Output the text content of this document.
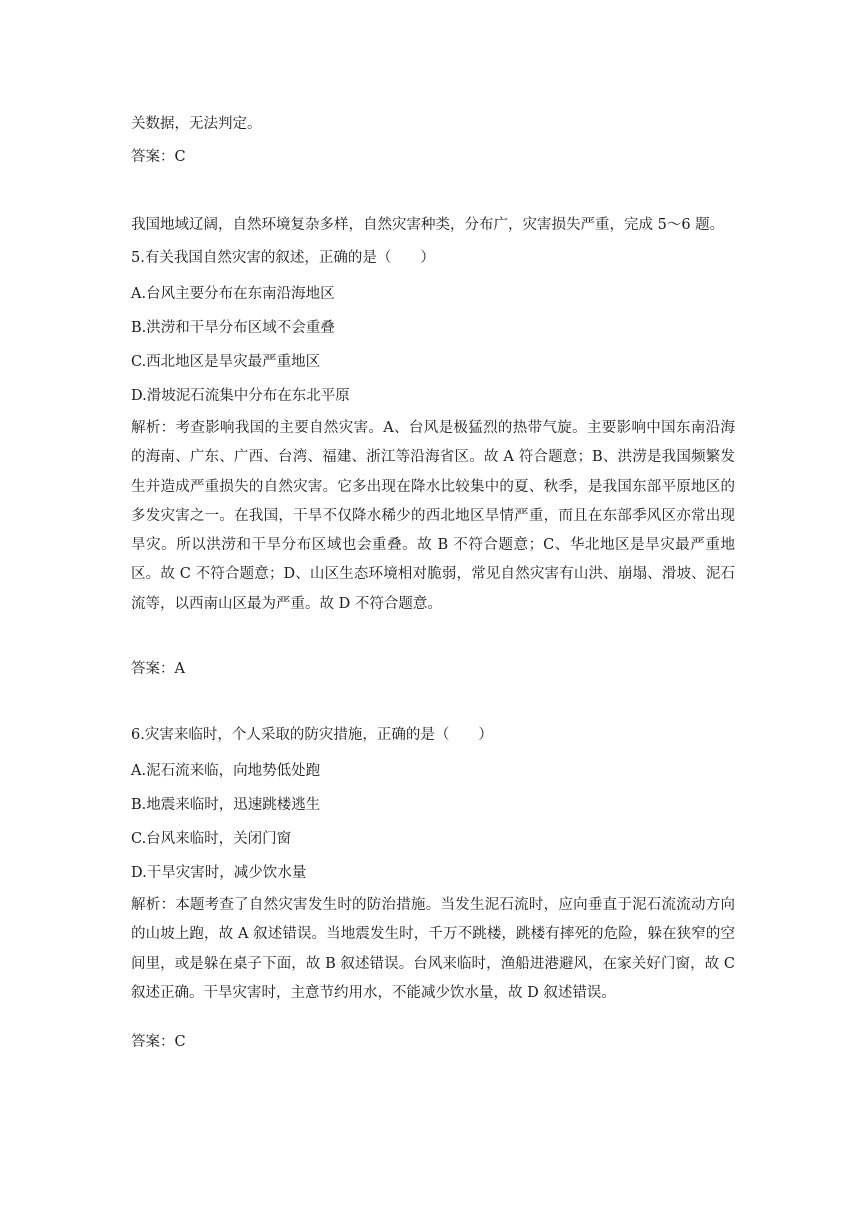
关数据，无法判定。
答案：C
我国地域辽阔，自然环境复杂多样，自然灾害种类，分布广，灾害损失严重，完成 5～6 题。
5.有关我国自然灾害的叙述，正确的是（　　）
A.台风主要分布在东南沿海地区
B.洪涝和干旱分布区域不会重叠
C.西北地区是旱灾最严重地区
D.滑坡泥石流集中分布在东北平原
解析：考查影响我国的主要自然灾害。A、台风是极猛烈的热带气旋。主要影响中国东南沿海的海南、广东、广西、台湾、福建、浙江等沿海省区。故 A 符合题意；B、洪涝是我国频繁发生并造成严重损失的自然灾害。它多出现在降水比较集中的夏、秋季，是我国东部平原地区的多发灾害之一。在我国，干旱不仅降水稀少的西北地区旱情严重，而且在东部季风区亦常出现旱灾。所以洪涝和干旱分布区域也会重叠。故 B 不符合题意；C、华北地区是旱灾最严重地区。故 C 不符合题意；D、山区生态环境相对脆弱，常见自然灾害有山洪、崩塌、滑坡、泥石流等，以西南山区最为严重。故 D 不符合题意。
答案：A
6.灾害来临时，个人采取的防灾措施，正确的是（　　）
A.泥石流来临，向地势低处跑
B.地震来临时，迅速跳楼逃生
C.台风来临时，关闭门窗
D.干旱灾害时，减少饮水量
解析：本题考查了自然灾害发生时的防治措施。当发生泥石流时，应向垂直于泥石流流动方向的山坡上跑，故 A 叙述错误。当地震发生时，千万不跳楼，跳楼有摔死的危险，躲在狭窄的空间里，或是躲在桌子下面，故 B 叙述错误。台风来临时，渔船进港避风，在家关好门窗，故 C 叙述正确。干旱灾害时，主意节约用水，不能减少饮水量，故 D 叙述错误。
答案：C
